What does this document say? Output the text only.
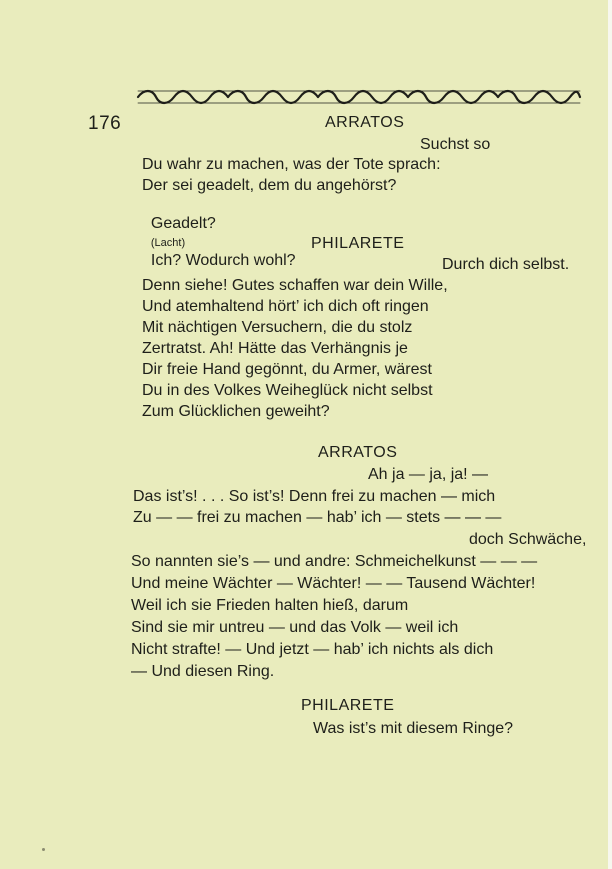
176	ARRATOS
Suchst so
Du wahr zu machen, was der Tote sprach:
Der sei geadelt, dem du angehörst?

Geadelt?
(Lacht)
Ich? Wodurch wohl?

PHILARETE
Durch dich selbst.
Denn siehe! Gutes schaffen war dein Wille,
Und atemhaltend hört’ ich dich oft ringen
Mit nächtigen Versuchern, die du stolz
Zertratst. Ah! Hätte das Verhängnis je
Dir freie Hand gegönnt, du Armer, wärest
Du in des Volkes Weiheglück nicht selbst
Zum Glücklichen geweiht?
ARRATOS
Ah ja — ja, ja! —
Das ist’s! . . . So ist’s! Denn frei zu machen — mich
Zu — — frei zu machen — hab’ ich — stets — — —
doch Schwäche,
So nannten sie’s — und andre: Schmeichelkunst — — —
Und meine Wächter — Wächter! — — Tausend Wächter!
Weil ich sie Frieden halten hieß, darum
Sind sie mir untreu — und das Volk — weil ich
Nicht strafte! — Und jetzt — hab’ ich nichts als dich
— Und diesen Ring.
PHILARETE
Was ist’s mit diesem Ringe?
